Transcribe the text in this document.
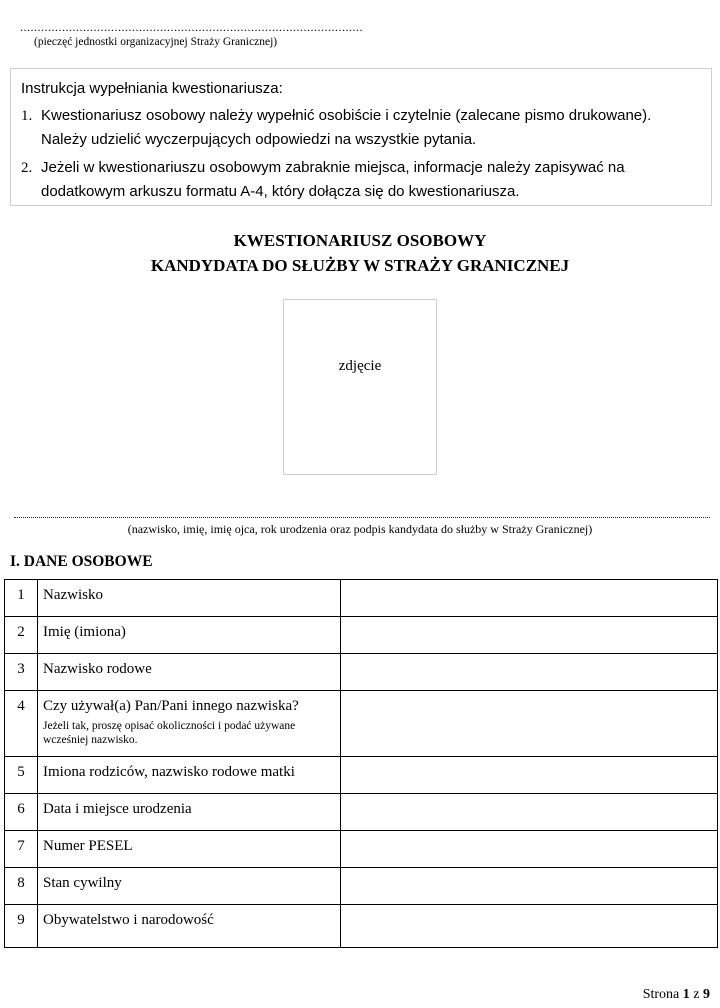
..................................................................................................
(pieczęć jednostki organizacyjnej Straży Granicznej)
Instrukcja wypełniania kwestionariusza:
1. Kwestionariusz osobowy należy wypełnić osobiście i czytelnie (zalecane pismo drukowane). Należy udzielić wyczerpujących odpowiedzi na wszystkie pytania.
2. Jeżeli w kwestionariuszu osobowym zabraknie miejsca, informacje należy zapisywać na dodatkowym arkuszu formatu A-4, który dołącza się do kwestionariusza.
KWESTIONARIUSZ OSOBOWY
KANDYDATA DO SŁUŻBY W STRAŻY GRANICZNEJ
zdjęcie
(nazwisko, imię, imię ojca, rok urodzenia oraz podpis kandydata do służby w Straży Granicznej)
I. DANE OSOBOWE
1	Nazwisko	
2	Imię (imiona)	
3	Nazwisko rodowe	
4	Czy używał(a) Pan/Pani innego nazwiska?
Jeżeli tak, proszę opisać okoliczności i podać używane wcześniej nazwisko.	

5	Imiona rodziców, nazwisko rodowe matki	
6	Data i miejsce urodzenia	
7	Numer PESEL	
8	Stan cywilny	
9	Obywatelstwo i narodowość	
Strona 1 z 9
